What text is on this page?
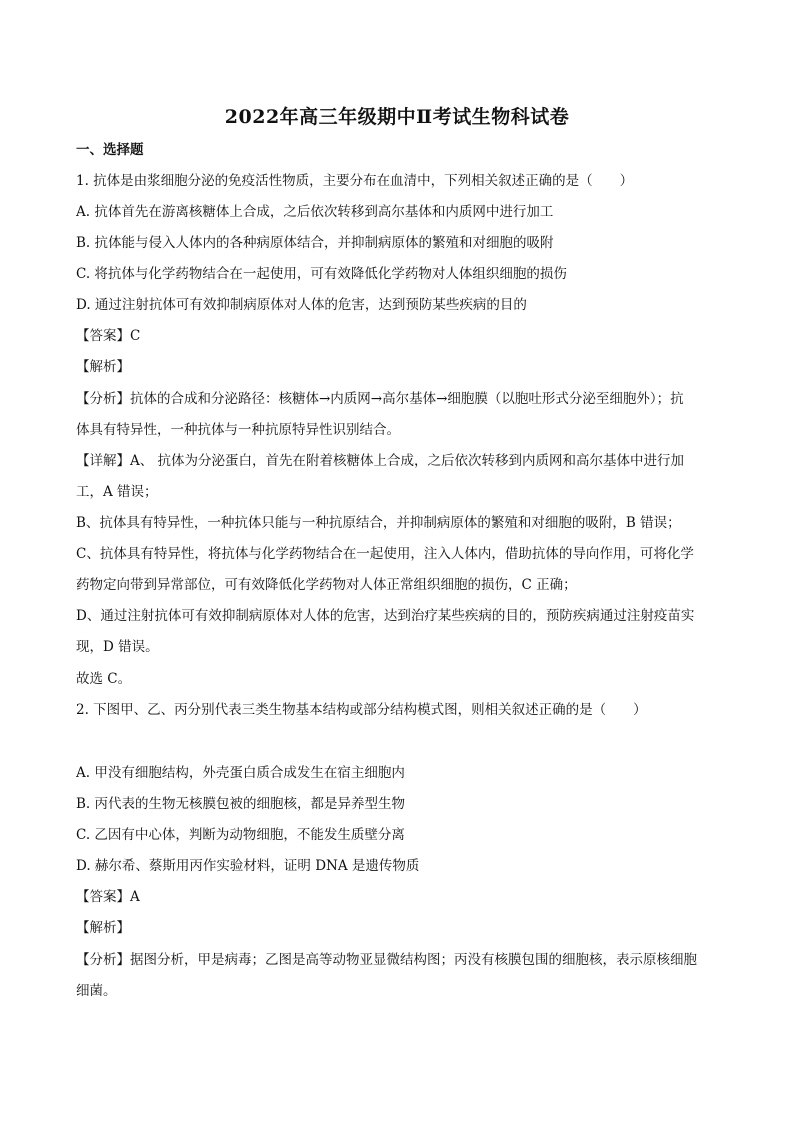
2022年高三年级期中Ⅱ考试生物科试卷
一、选择题
1. 抗体是由浆细胞分泌的免疫活性物质，主要分布在血清中，下列相关叙述正确的是（　　）
A. 抗体首先在游离核糖体上合成，之后依次转移到高尔基体和内质网中进行加工
B. 抗体能与侵入人体内的各种病原体结合，并抑制病原体的繁殖和对细胞的吸附
C. 将抗体与化学药物结合在一起使用，可有效降低化学药物对人体组织细胞的损伤
D. 通过注射抗体可有效抑制病原体对人体的危害，达到预防某些疾病的目的
【答案】C
【解析】
【分析】抗体的合成和分泌路径：核糖体→内质网→高尔基体→细胞膜（以胞吐形式分泌至细胞外）；抗
体具有特异性，一种抗体与一种抗原特异性识别结合。
【详解】A、 抗体为分泌蛋白，首先在附着核糖体上合成，之后依次转移到内质网和高尔基体中进行加
工，A 错误；
B、抗体具有特异性，一种抗体只能与一种抗原结合，并抑制病原体的繁殖和对细胞的吸附，B 错误；
C、抗体具有特异性，将抗体与化学药物结合在一起使用，注入人体内，借助抗体的导向作用，可将化学
药物定向带到异常部位，可有效降低化学药物对人体正常组织细胞的损伤，C 正确；
D、通过注射抗体可有效抑制病原体对人体的危害，达到治疗某些疾病的目的，预防疾病通过注射疫苗实
现，D 错误。
故选 C。
2. 下图甲、乙、丙分别代表三类生物基本结构或部分结构模式图，则相关叙述正确的是（　　）
A. 甲没有细胞结构，外壳蛋白质合成发生在宿主细胞内
B. 丙代表的生物无核膜包被的细胞核，都是异养型生物
C. 乙因有中心体，判断为动物细胞，不能发生质壁分离
D. 赫尔希、蔡斯用丙作实验材料，证明 DNA 是遗传物质
【答案】A
【解析】
【分析】据图分析，甲是病毒；乙图是高等动物亚显微结构图；丙没有核膜包围的细胞核，表示原核细胞
细菌。
